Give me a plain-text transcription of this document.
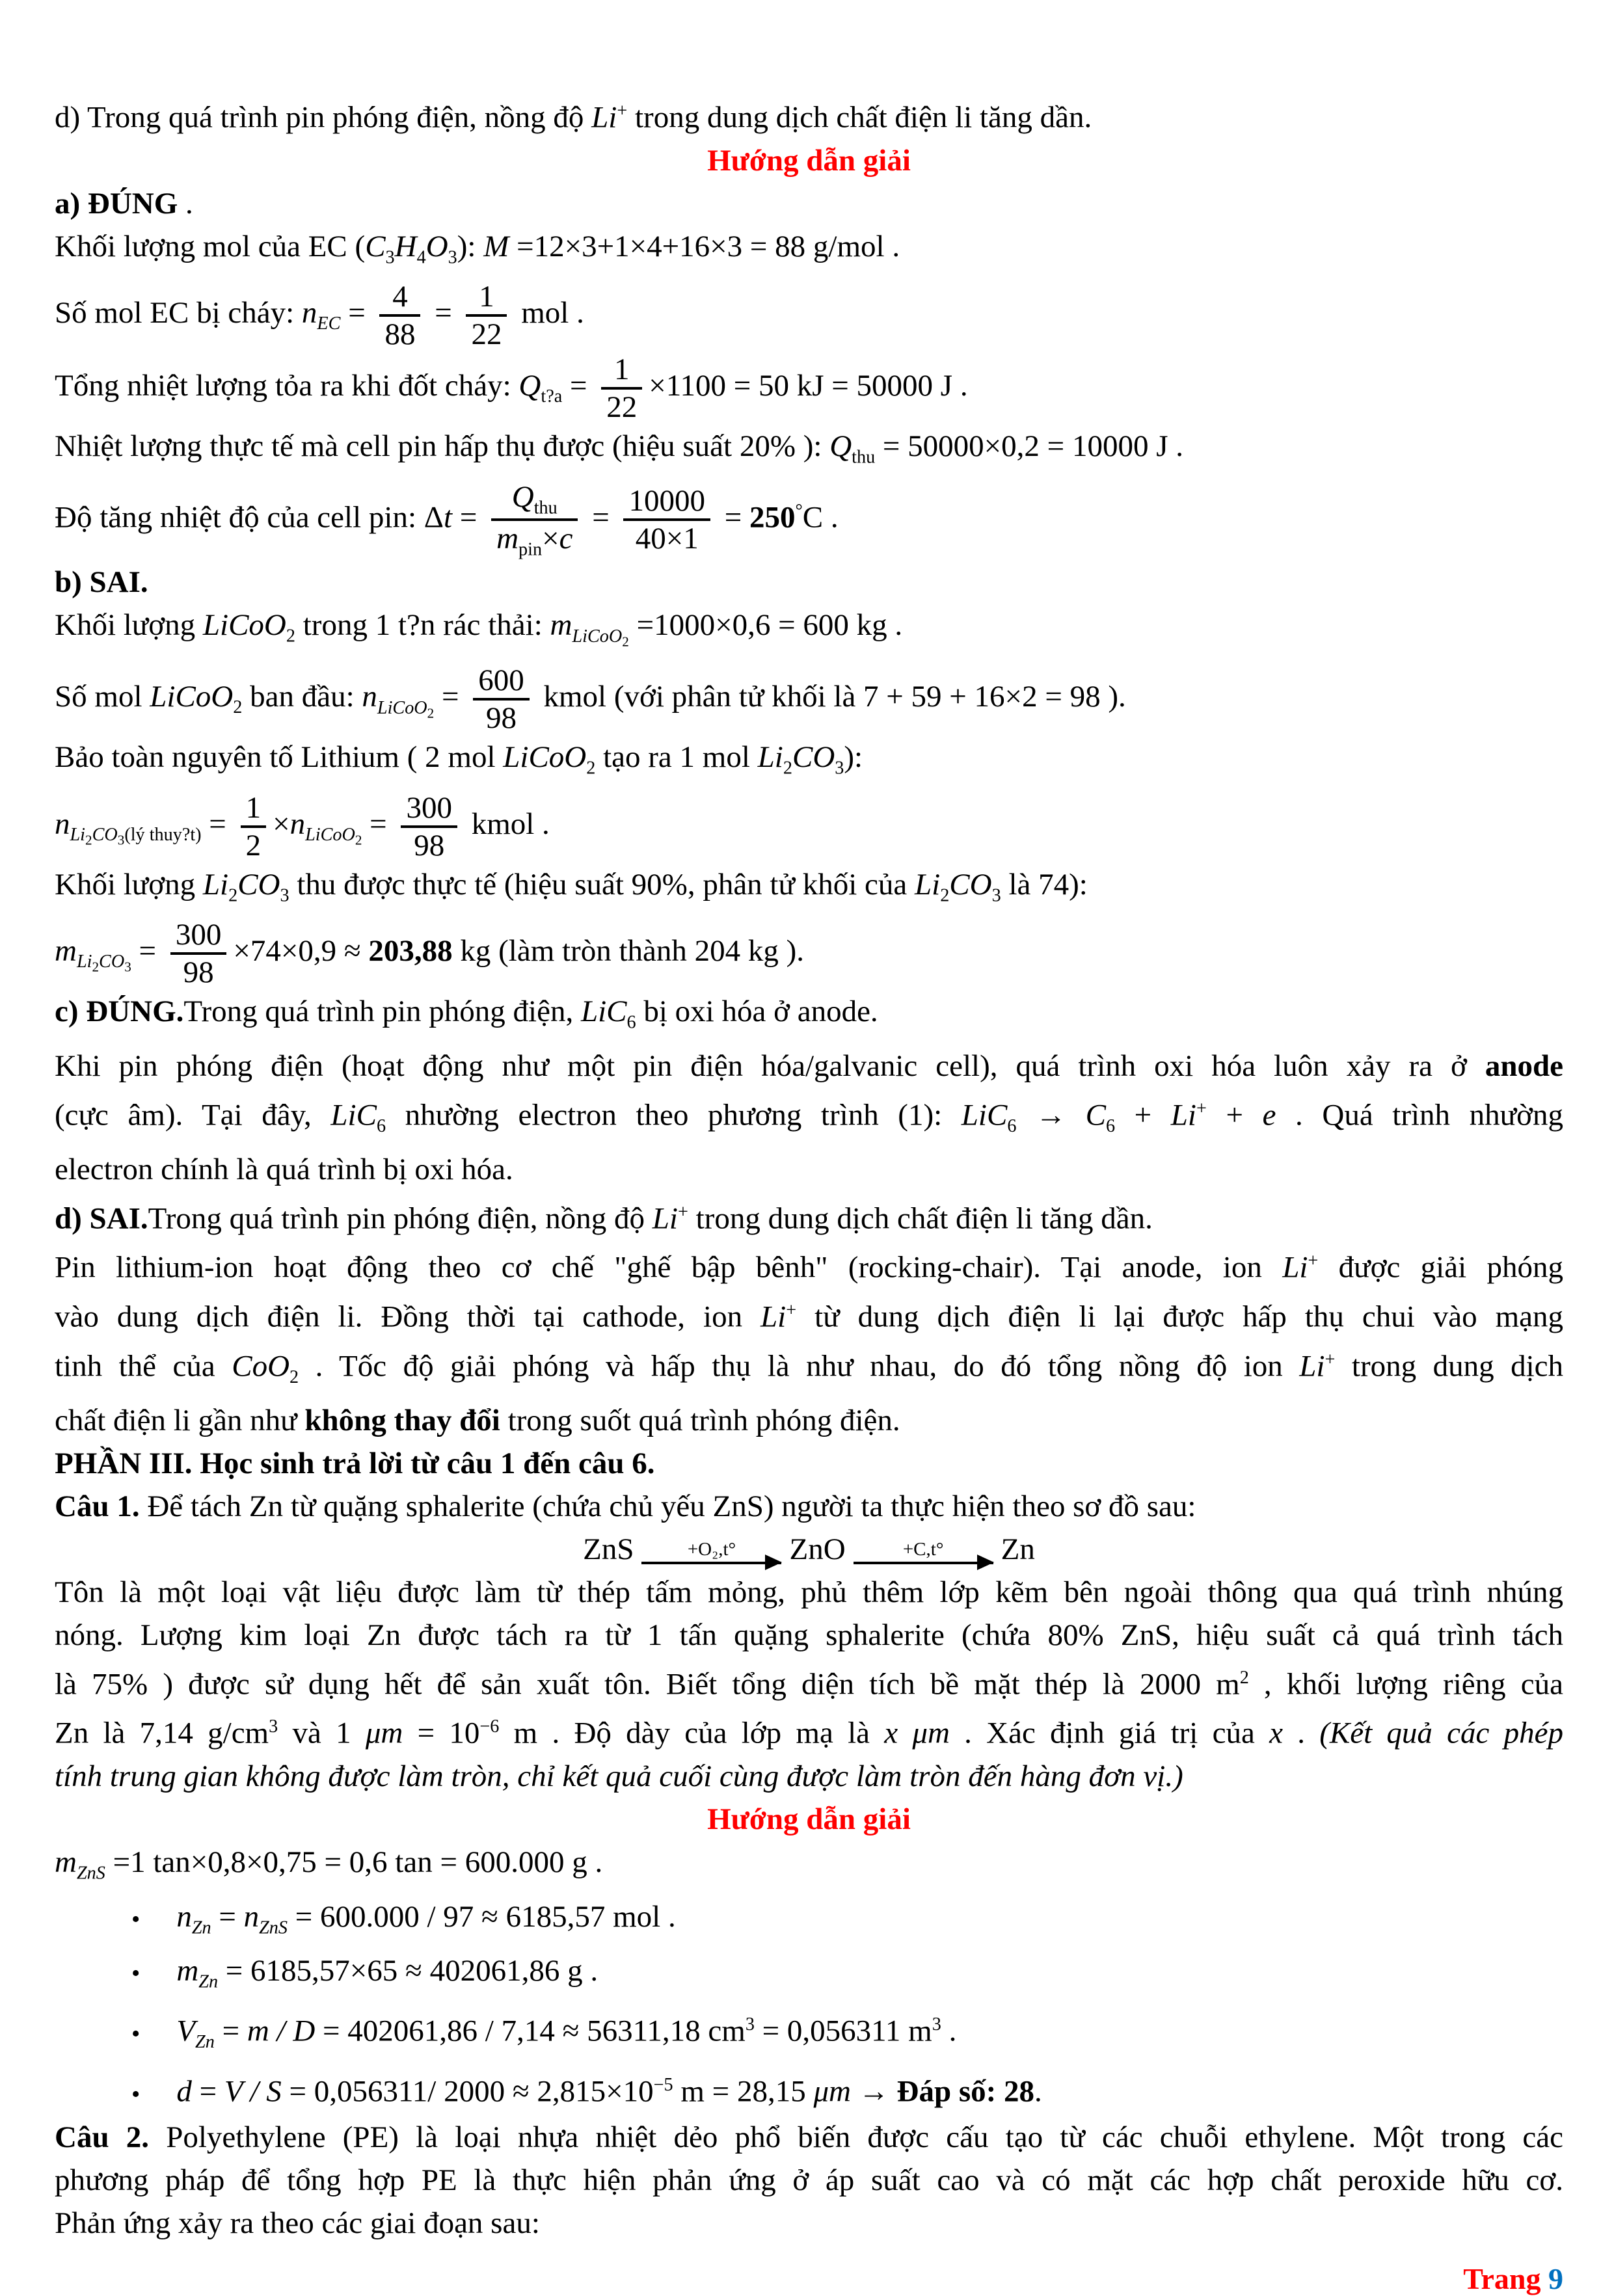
d) Trong quá trình pin phóng điện, nồng độ Li+ trong dung dịch chất điện li tăng dần.

Hướng dẫn giải

a) ĐÚNG .

Khối lượng mol của EC $(C_3H_4O_3)$: M =12×3+1×4+16×3 = 88 g/mol .

Số mol EC bị cháy: $n_{EC} = \frac{4}{88} = \frac{1}{22}$ mol .

Tổng nhiệt lượng tỏa ra khi đốt cháy: $Q_{t?a} = \frac{1}{22} \times 1100 = 50$ kJ = 50000 J .

Nhiệt lượng thực tế mà cell pin hấp thụ được (hiệu suất 20% ): $Q_{thu} = 50000\times 0,2 = 10000$ J .

Độ tăng nhiệt độ của cell pin: Δt =
$Q_{thu}$
$m_{pin}\times c$
= $\frac{10000}{40\times 1} = 250^\circ C$ .

b) SAI.

Khối lượng LiCoO$_2$ trong 1 t?n rác thải: $m_{LiCoO_2} =1000\times 0,6 = 600$ kg .

Số mol LiCoO$_2$ ban đầu: $n_{LiCoO_2} = \frac{600}{98}$ kmol (với phân tử khối là 7 + 59 + 16×2 = 98 ).

Bảo toàn nguyên tố Lithium ( 2 mol LiCoO$_2$ tạo ra 1 mol $Li_2CO_3$):

$n_{Li_2CO_3(lý thuy?t)} = \frac{1}{2} \times n_{LiCoO_2} = \frac{300}{98}$ kmol .

Khối lượng $Li_2CO_3$ thu được thực tế (hiệu suất 90%, phân tử khối của $Li_2CO_3$ là 74):

$m_{Li_2CO_3} = \frac{300}{98} \times 74\times 0,9 \approx 203,88$ kg (làm tròn thành 204 kg ).

c) ĐÚNG.Trong quá trình pin phóng điện, LiC$_6$ bị oxi hóa ở anode.

Khi pin phóng điện (hoạt động như một pin điện hóa/galvanic cell), quá trình oxi hóa luôn xảy ra ở anode

(cực âm). Tại đây, LiC$_6$ nhường electron theo phương trình (1): $LiC_6 \to C_6 + Li^+ + e$ . Quá trình nhường

electron chính là quá trình bị oxi hóa.

d) SAI.Trong quá trình pin phóng điện, nồng độ Li+ trong dung dịch chất điện li tăng dần.

Pin lithium-ion hoạt động theo cơ chế "ghế bập bênh" (rocking-chair). Tại anode, ion Li+ được giải phóng

vào dung dịch điện li. Đồng thời tại cathode, ion Li+ từ dung dịch điện li lại được hấp thụ chui vào mạng

tinh thể của CoO$_2$ . Tốc độ giải phóng và hấp thụ là như nhau, do đó tổng nồng độ ion Li+ trong dung dịch

chất điện li gần như không thay đổi trong suốt quá trình phóng điện.

PHẦN III. Học sinh trả lời từ câu 1 đến câu 6.

Câu 1. Để tách Zn từ quặng sphalerite (chứa chủ yếu ZnS) người ta thực hiện theo sơ đồ sau:

ZnS	+O₂,t° ZnO	+C,t° Zn

Tôn là một loại vật liệu được làm từ thép tấm mỏng, phủ thêm lớp kẽm bên ngoài thông qua quá trình nhúng

nóng. Lượng kim loại Zn được tách ra từ 1 tấn quặng sphalerite (chứa 80% ZnS, hiệu suất cả quá trình tách

là 75% ) được sử dụng hết để sản xuất tôn. Biết tổng diện tích bề mặt thép là 2000 $m^2$ , khối lượng riêng của

Zn là 7,14 $g/cm^3$ và 1 $\mu m = 10^{-6}$ m . Độ dày của lớp mạ là x μm . Xác định giá trị của x . (Kết quả các phép

tính trung gian không được làm tròn, chỉ kết quả cuối cùng được làm tròn đến hàng đơn vị.)

Hướng dẫn giải

$m_{ZnS} =1$ tan×0,8×0,75 = 0,6 tan = 600.000 g .

• $n_{Zn} = n_{ZnS} = 600.000 / 97 \approx 6185,57$ mol .

• $m_{Zn} = 6185,57\times 65 \approx 402061,86$ g .

• $V_{Zn} = m / D = 402061,86 / 7,14 \approx 56311,18$ $cm^3 = 0,056311$ $m^3$ .

• d = V / S = 0,056311/ $2000 \approx 2,815\times 10^{-5}$ m = 28,15 μm → Đáp số: 28.

Câu 2. Polyethylene (PE) là loại nhựa nhiệt dẻo phổ biến được cấu tạo từ các chuỗi ethylene. Một trong các

phương pháp để tổng hợp PE là thực hiện phản ứng ở áp suất cao và có mặt các hợp chất peroxide hữu cơ.

Phản ứng xảy ra theo các giai đoạn sau:

Trang 9
